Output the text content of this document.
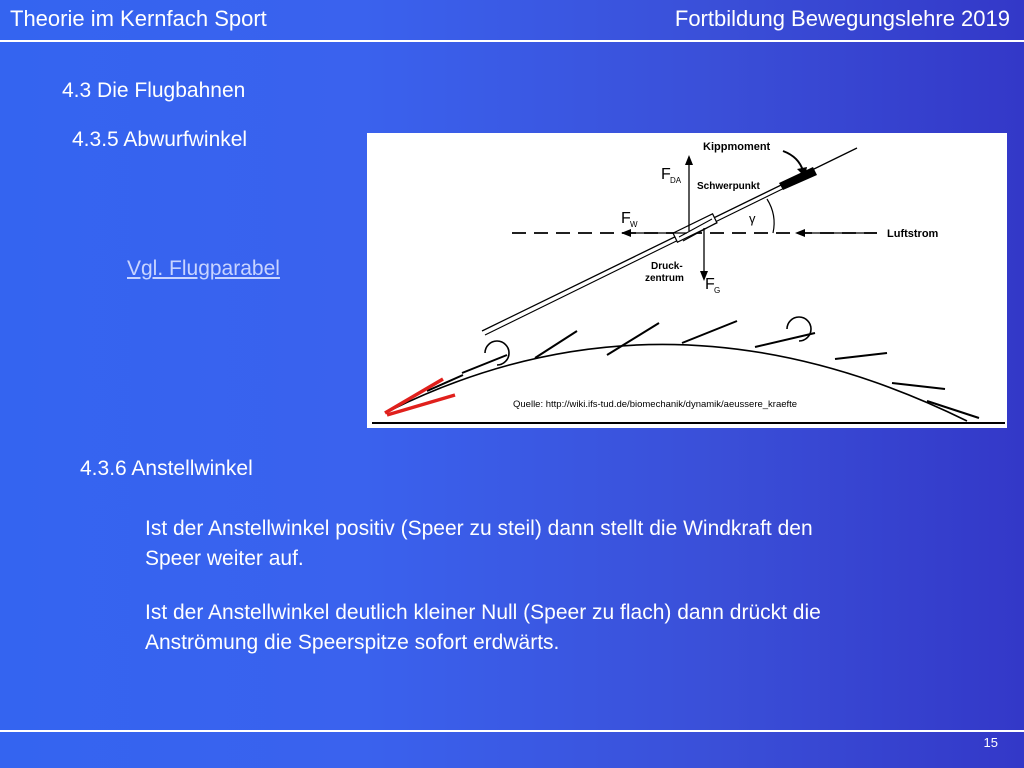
Theorie im Kernfach Sport	Fortbildung Bewegungslehre 2019
4.3 Die Flugbahnen
4.3.5 Abwurfwinkel
Vgl. Flugparabel
Kippmoment
Schwerpunkt
γ
Luftstrom
F DA
F W
F G
Druck-
zentrum
Quelle: http://wiki.ifs-tud.de/biomechanik/dynamik/aeussere_kraefte
4.3.6 Anstellwinkel
Ist der Anstellwinkel positiv (Speer zu steil) dann stellt die Windkraft den Speer weiter auf.
Ist der Anstellwinkel deutlich kleiner Null (Speer zu flach) dann drückt die Anströmung die Speerspitze sofort erdwärts.
15
